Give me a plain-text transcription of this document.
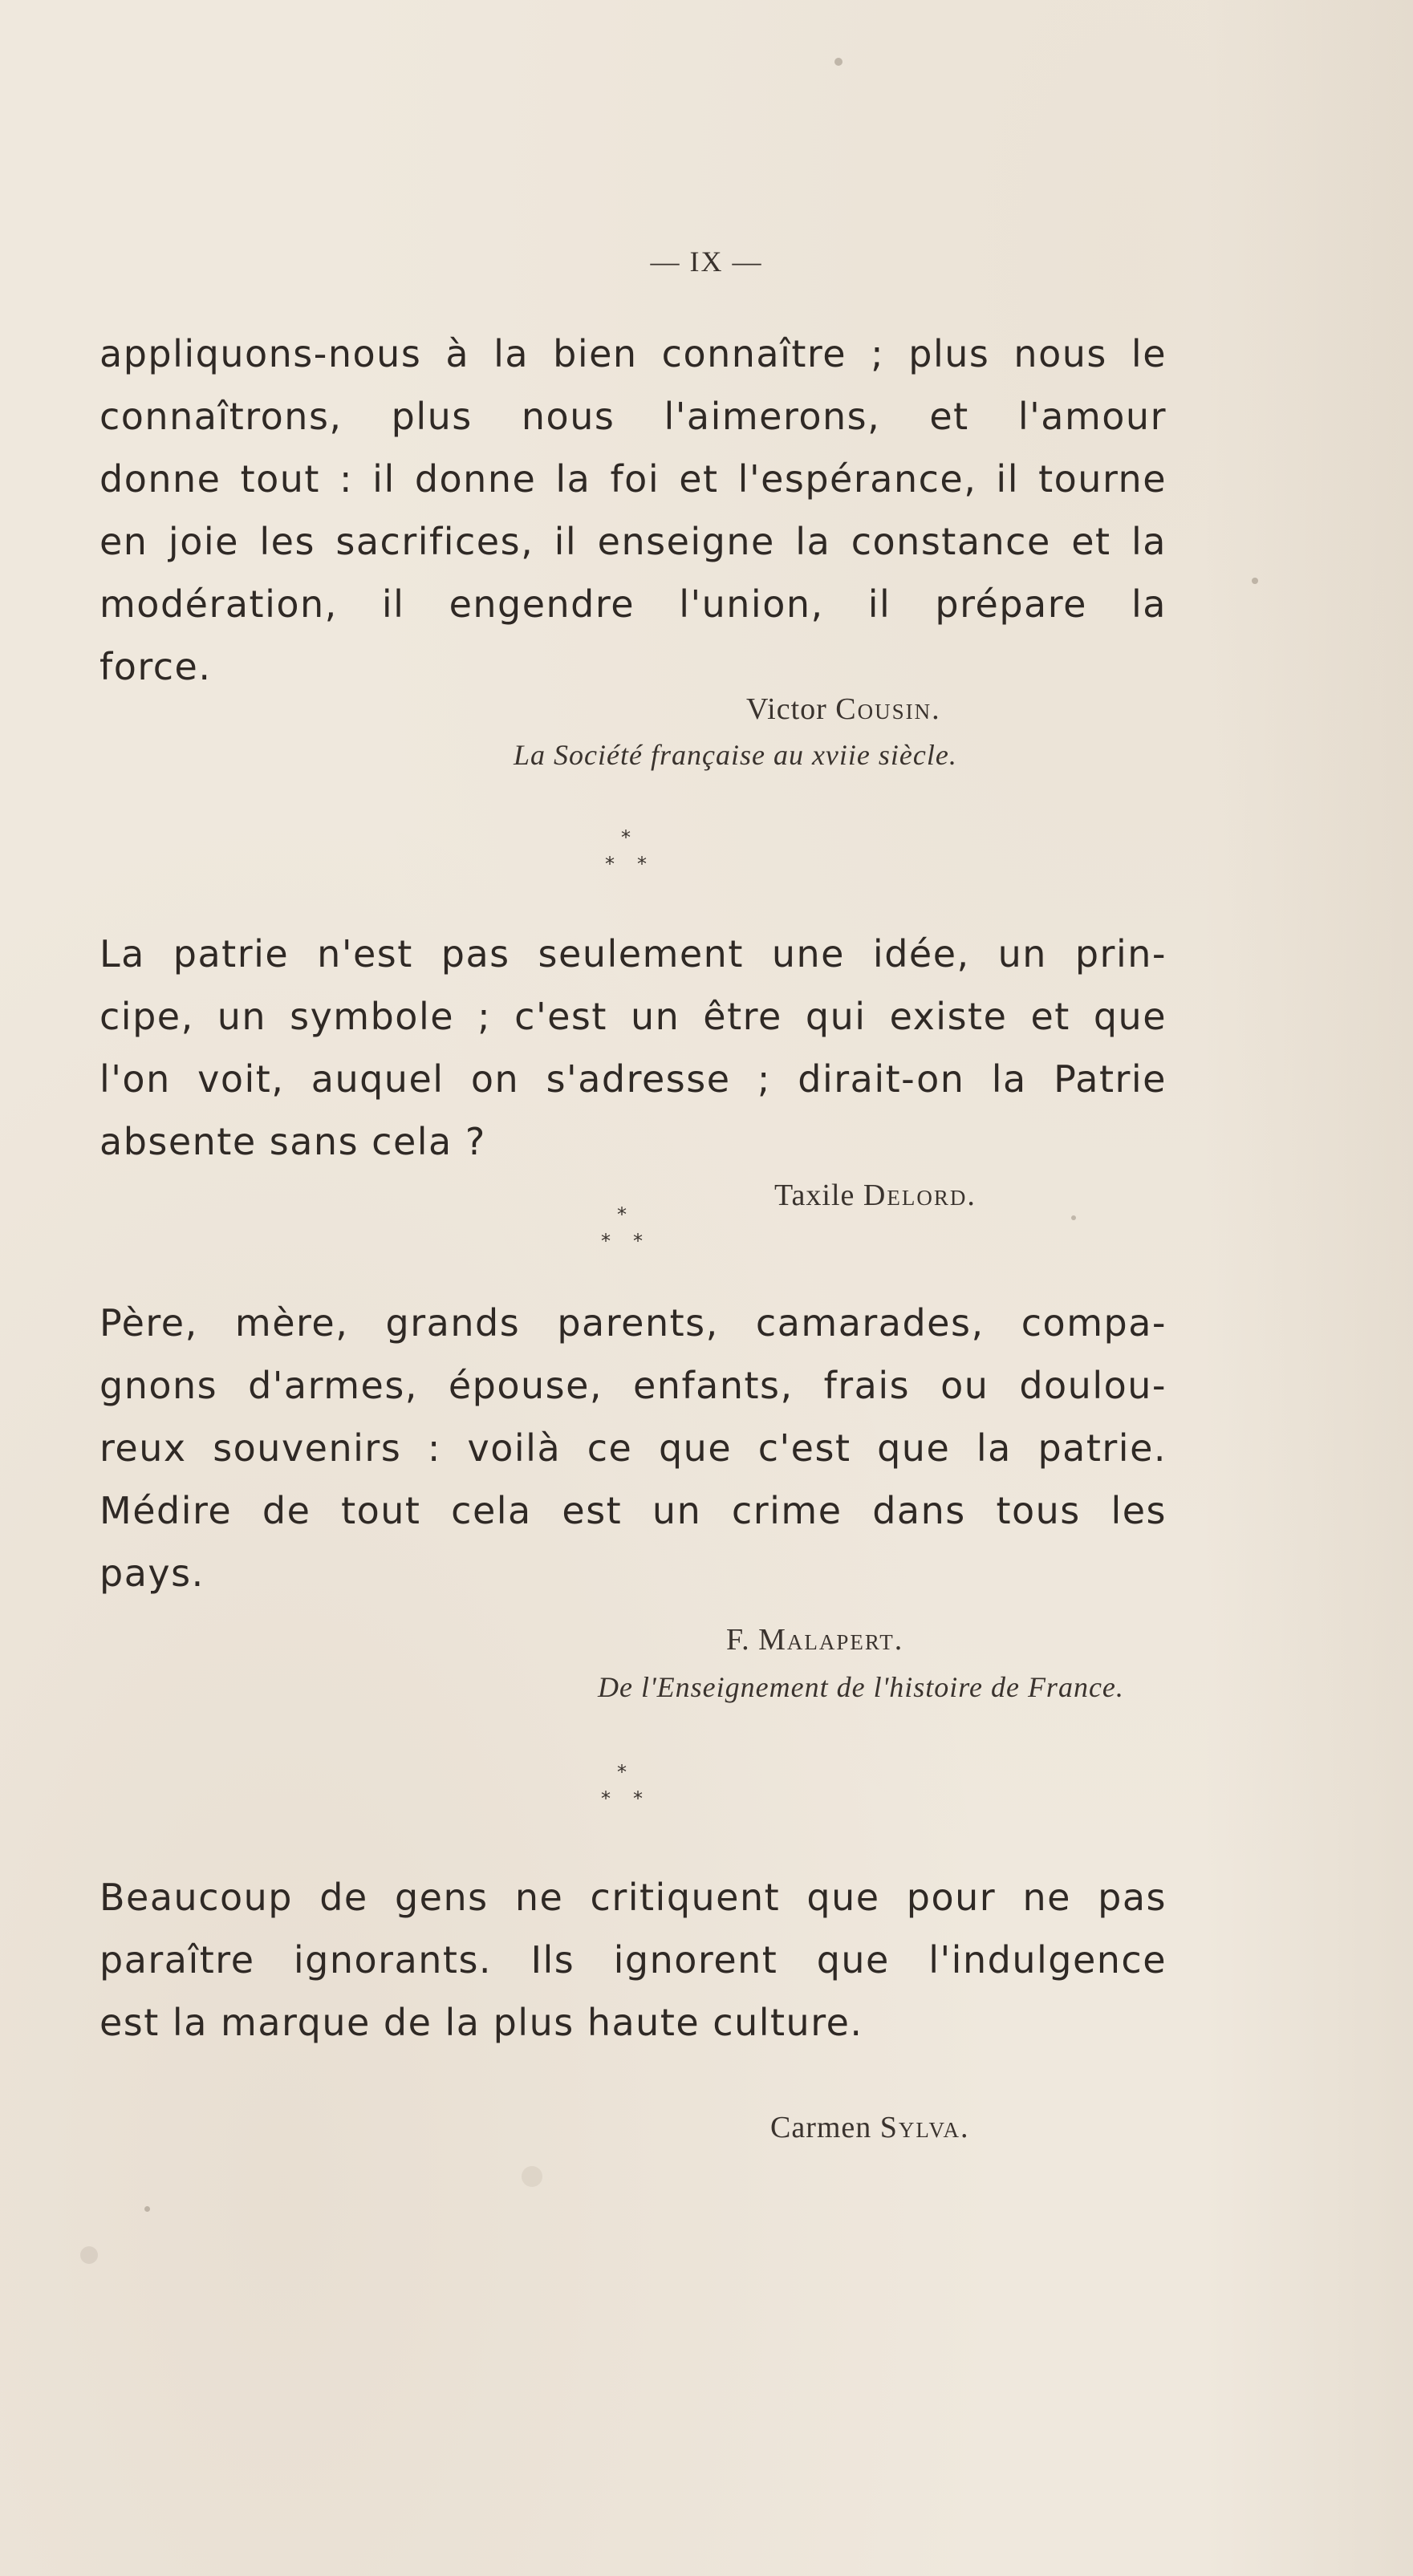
— IX —
appliquons-nous à la bien connaître ; plus nous le
connaîtrons, plus nous l'aimerons, et l'amour
donne tout : il donne la foi et l'espérance, il tourne
en joie les sacrifices, il enseigne la constance et la
modération, il engendre l'union, il prépare la
force.
Victor Cousin.
La Société française au xviie siècle.
*
* *
La patrie n'est pas seulement une idée, un prin-
cipe, un symbole ; c'est un être qui existe et que
l'on voit, auquel on s'adresse ; dirait-on la Patrie
absente sans cela ?
Taxile Delord.
*
* *
Père, mère, grands parents, camarades, compa-
gnons d'armes, épouse, enfants, frais ou doulou-
reux souvenirs : voilà ce que c'est que la patrie.
Médire de tout cela est un crime dans tous les
pays.
F. Malapert.
De l'Enseignement de l'histoire de France.
*
* *
Beaucoup de gens ne critiquent que pour ne pas
paraître ignorants. Ils ignorent que l'indulgence
est la marque de la plus haute culture.
Carmen Sylva.
